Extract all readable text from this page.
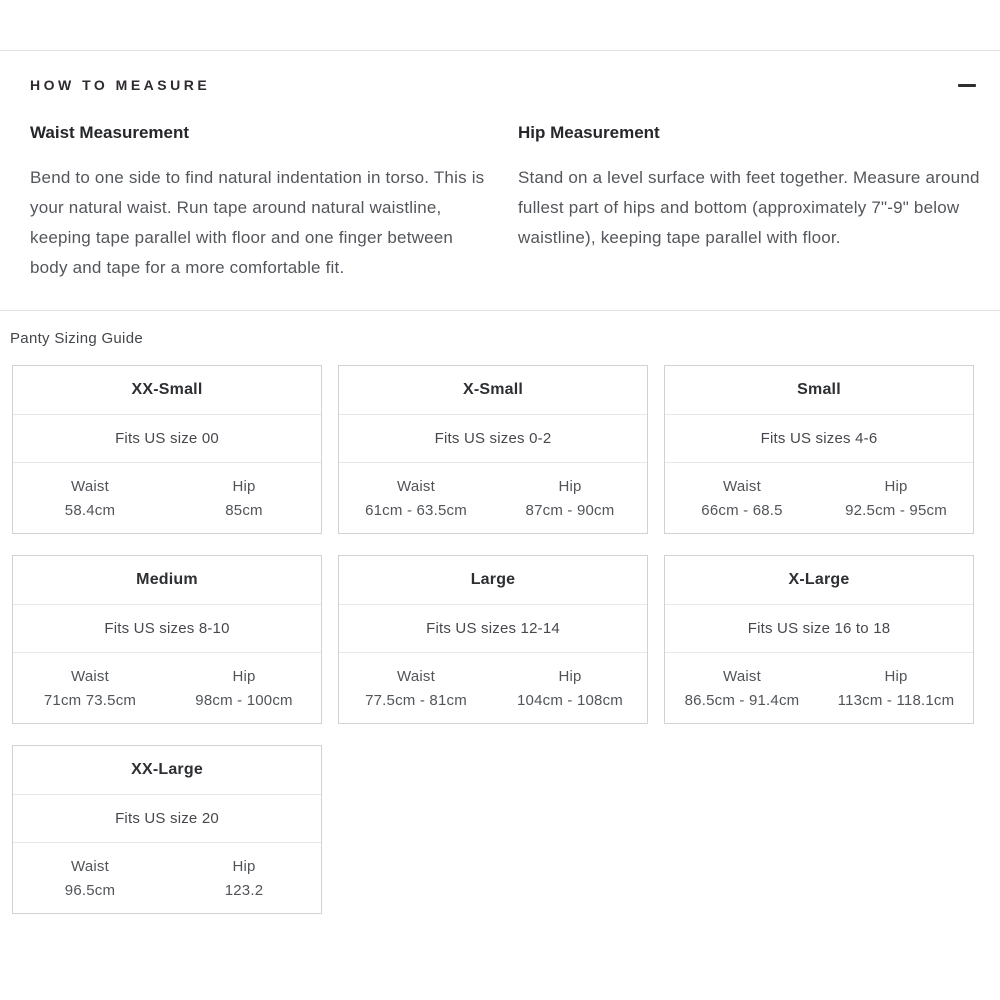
HOW TO MEASURE
Waist Measurement
Bend to one side to find natural indentation in torso. This is your natural waist. Run tape around natural waistline, keeping tape parallel with floor and one finger between body and tape for a more comfortable fit.
Hip Measurement
Stand on a level surface with feet together. Measure around fullest part of hips and bottom (approximately 7"-9" below waistline), keeping tape parallel with floor.
Panty Sizing Guide
XX-Small
Fits US size 00
Waist
58.4cm
Hip
85cm
X-Small
Fits US sizes 0-2
Waist
61cm - 63.5cm
Hip
87cm - 90cm
Small
Fits US sizes 4-6
Waist
66cm - 68.5
Hip
92.5cm - 95cm
Medium
Fits US sizes 8-10
Waist
71cm 73.5cm
Hip
98cm - 100cm
Large
Fits US sizes 12-14
Waist
77.5cm - 81cm
Hip
104cm - 108cm
X-Large
Fits US size 16 to 18
Waist
86.5cm - 91.4cm
Hip
113cm - 118.1cm
XX-Large
Fits US size 20
Waist
96.5cm
Hip
123.2
